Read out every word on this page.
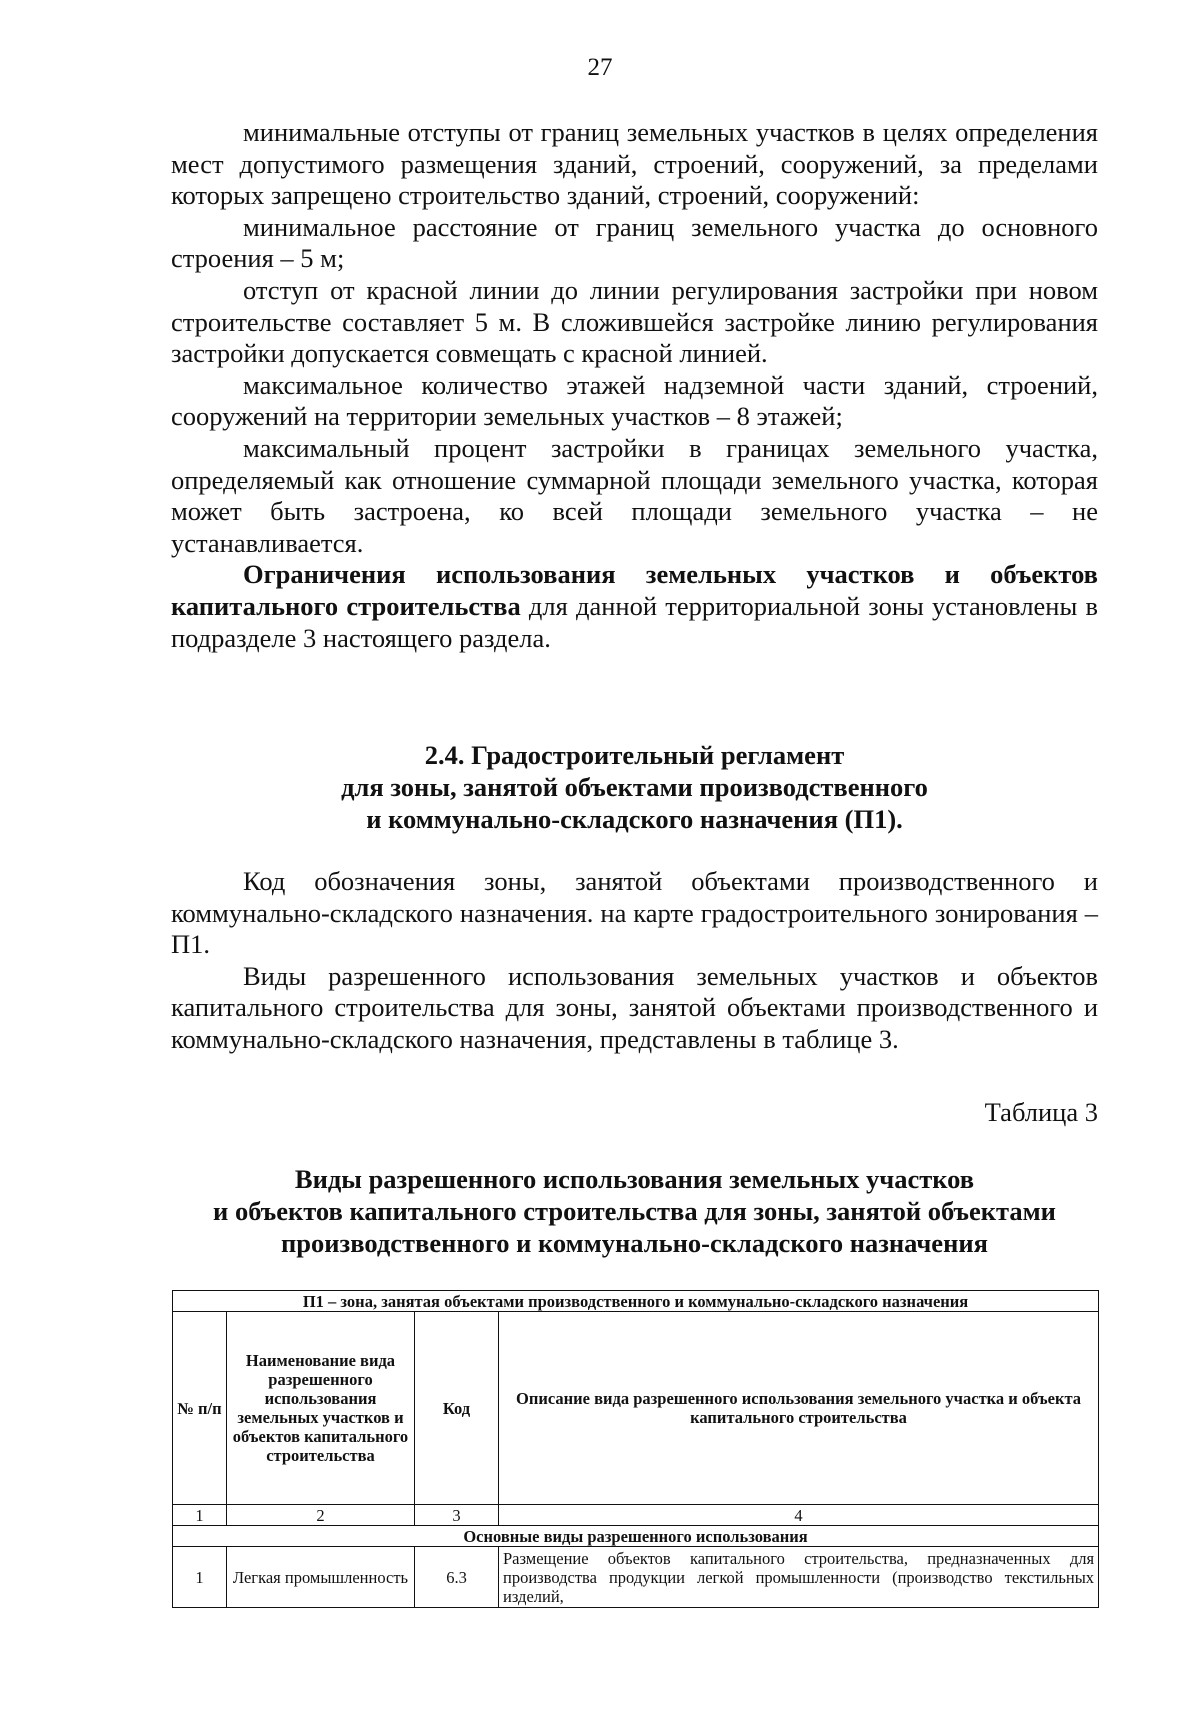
27

минимальные отступы от границ земельных участков в целях определения мест допустимого размещения зданий, строений, сооружений, за пределами которых запрещено строительство зданий, строений, сооружений:

минимальное расстояние от границ земельного участка до основного строения – 5 м;

отступ от красной линии до линии регулирования застройки при новом строительстве составляет 5 м. В сложившейся застройке линию регулирования застройки допускается совмещать с красной линией.

максимальное количество этажей надземной части зданий, строений, сооружений на территории земельных участков – 8 этажей;

максимальный процент застройки в границах земельного участка, определяемый как отношение суммарной площади земельного участка, которая может быть застроена, ко всей площади земельного участка – не устанавливается.

Ограничения использования земельных участков и объектов капитального строительства для данной территориальной зоны установлены в подразделе 3 настоящего раздела.

2.4. Градостроительный регламент
для зоны, занятой объектами производственного
и коммунально-складского назначения (П1).

Код обозначения зоны, занятой объектами производственного и коммунально-складского назначения. на карте градостроительного зонирования – П1.

Виды разрешенного использования земельных участков и объектов капитального строительства для зоны, занятой объектами производственного и коммунально-складского назначения, представлены в таблице 3.

Таблица 3
Виды разрешенного использования земельных участков
и объектов капитального строительства для зоны, занятой объектами
производственного и коммунально-складского назначения
П1 – зона, занятая объектами производственного и коммунально-складского назначения			
№ п/п	Наименование вида разрешенного использования земельных участков и объектов капитального строительства	Код	Описание вида разрешенного использования земельного участка и объекта капитального строительства
1	2	3	4
Основные виды разрешенного использования			
1	Легкая промышленность	6.3	Размещение объектов капитального строительства, предназначенных для производства продукции легкой промышленности (производство текстильных изделий,
